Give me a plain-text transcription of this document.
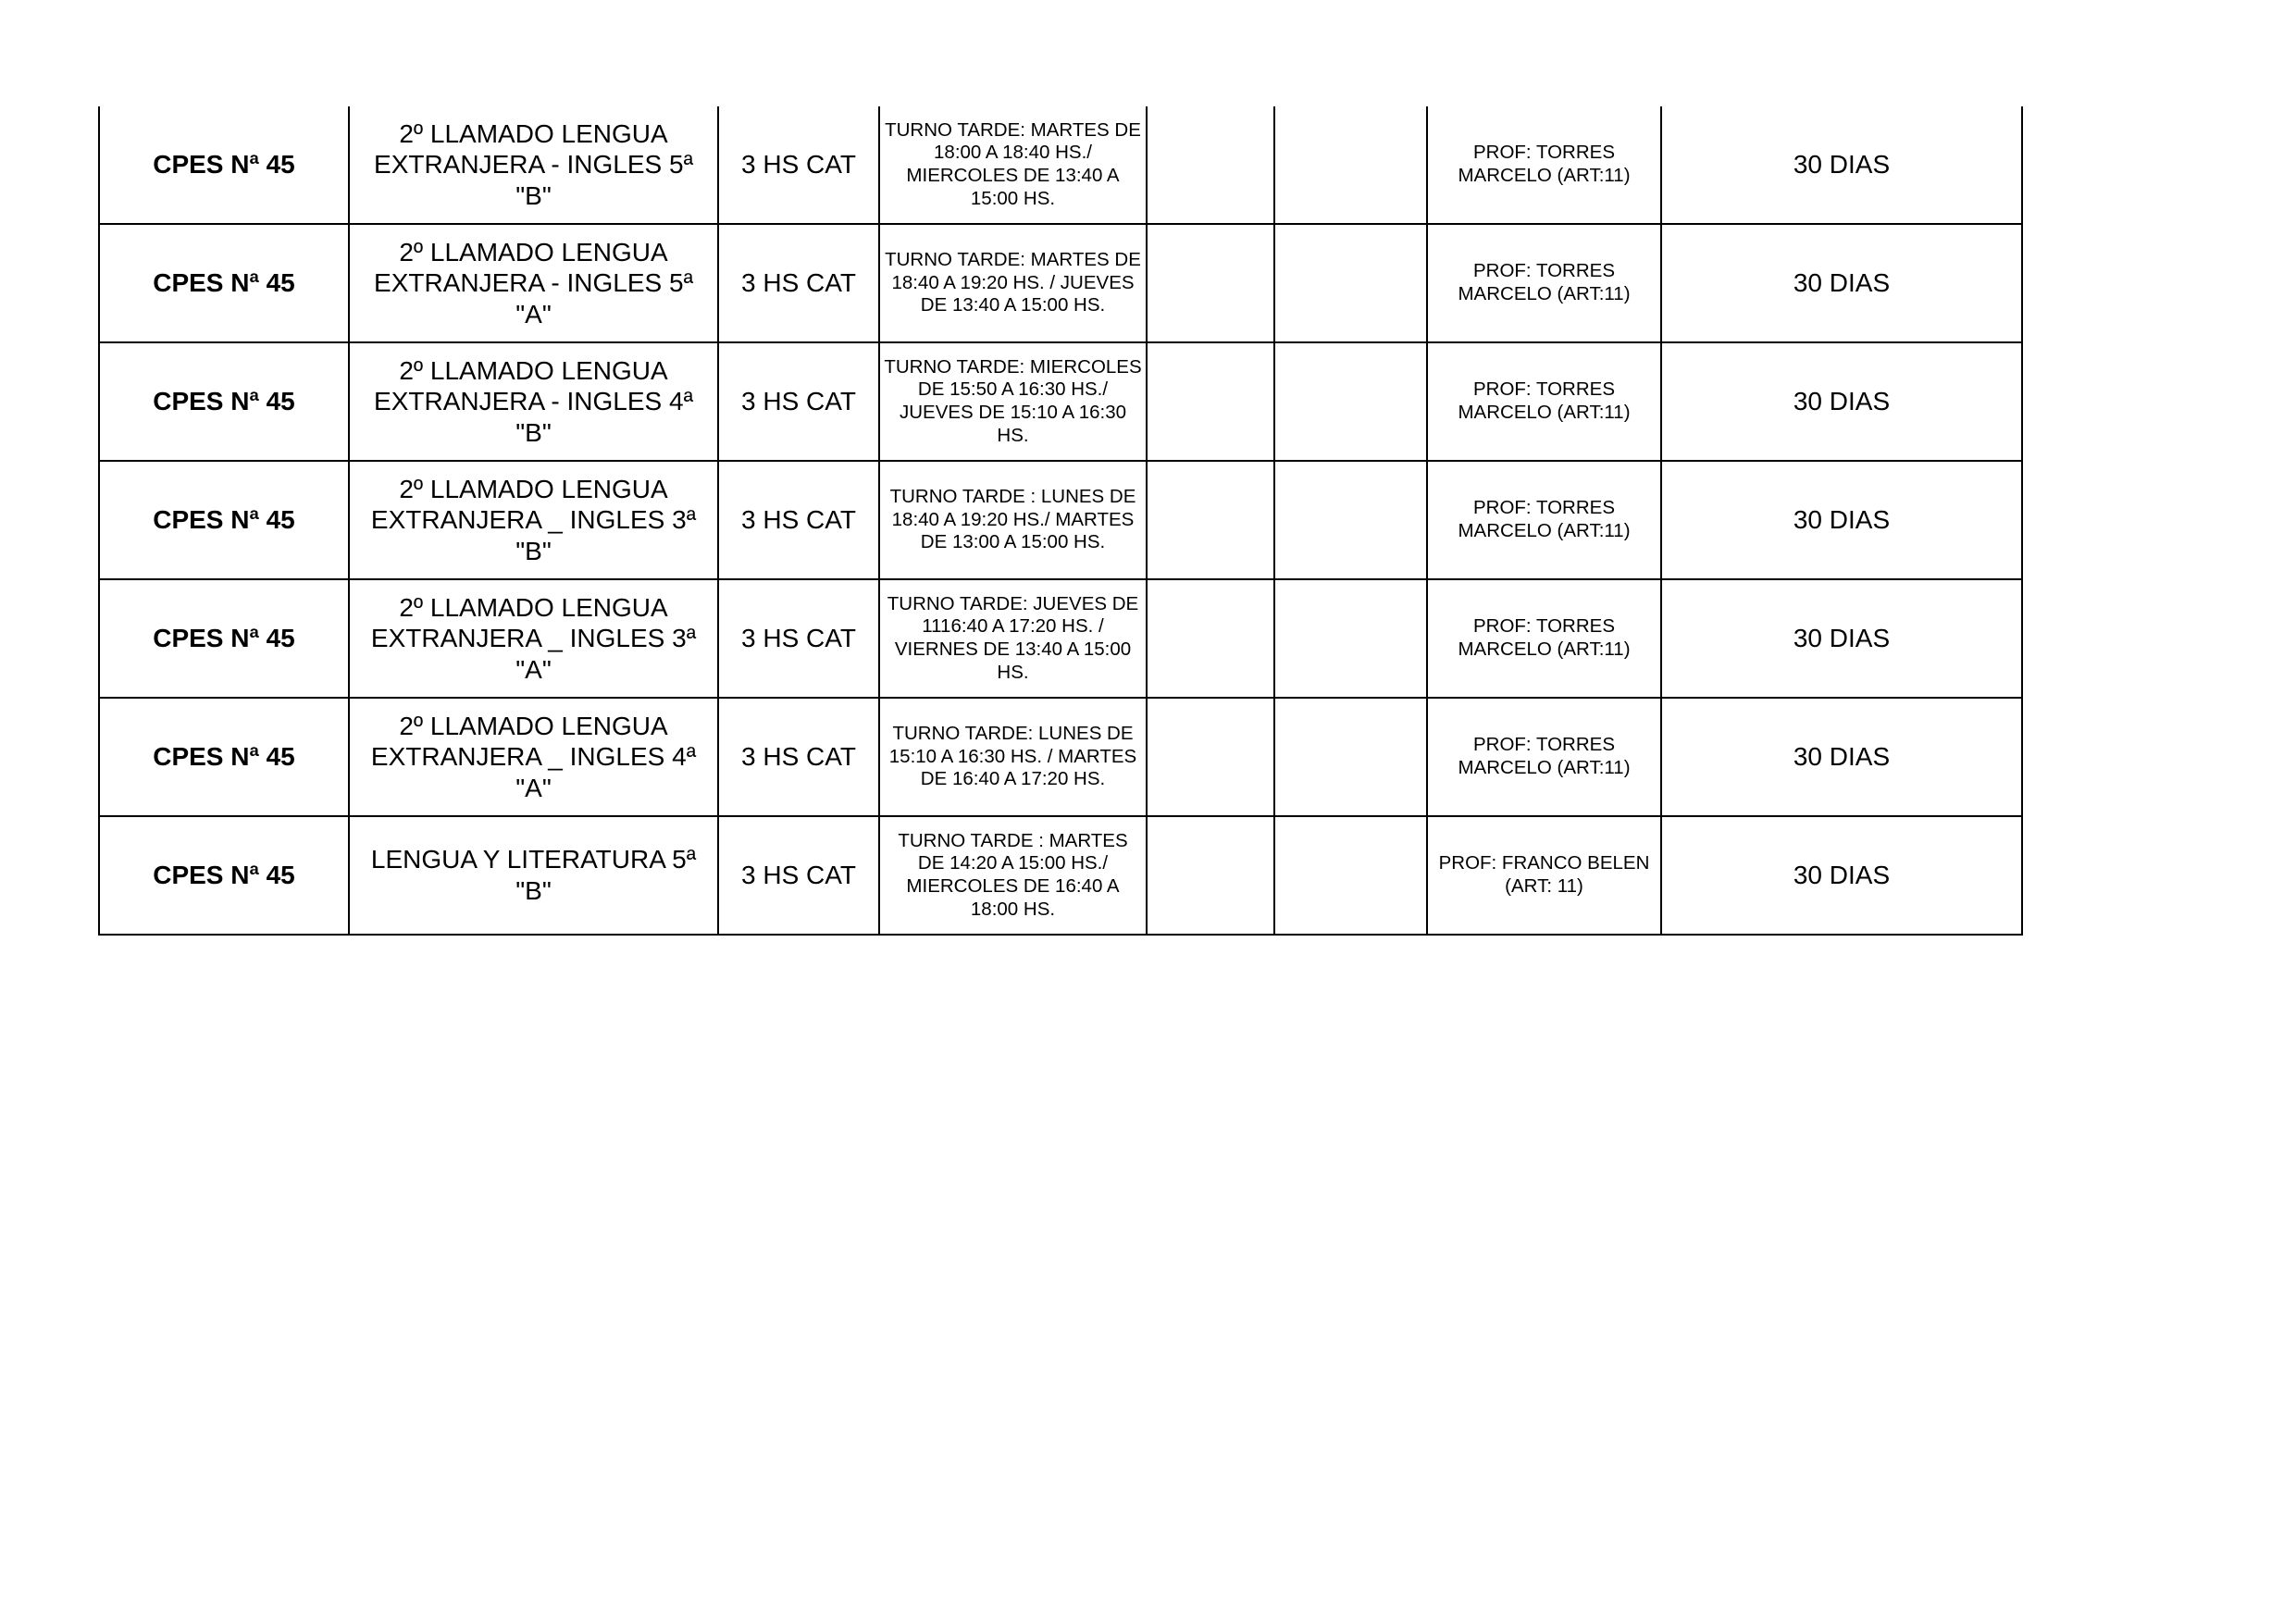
CPES Nª 45	2º LLAMADO LENGUA EXTRANJERA - INGLES 5ª "B"	3 HS CAT	TURNO TARDE: MARTES DE 18:00 A 18:40 HS./ MIERCOLES DE 13:40 A 15:00 HS.			PROF: TORRES MARCELO (ART:11)	30 DIAS
CPES Nª 45	2º LLAMADO LENGUA EXTRANJERA - INGLES 5ª "A"	3 HS CAT	TURNO TARDE: MARTES DE 18:40 A 19:20 HS. / JUEVES DE 13:40 A 15:00 HS.			PROF: TORRES MARCELO (ART:11)	30 DIAS
CPES Nª 45	2º LLAMADO LENGUA EXTRANJERA - INGLES 4ª "B"	3 HS CAT	TURNO TARDE: MIERCOLES DE 15:50 A 16:30 HS./ JUEVES DE 15:10 A 16:30 HS.			PROF: TORRES MARCELO (ART:11)	30 DIAS
CPES Nª 45	2º LLAMADO LENGUA EXTRANJERA _ INGLES 3ª "B"	3 HS CAT	TURNO TARDE : LUNES DE 18:40 A 19:20 HS./ MARTES DE 13:00 A 15:00 HS.			PROF: TORRES MARCELO (ART:11)	30 DIAS
CPES Nª 45	2º LLAMADO LENGUA EXTRANJERA _ INGLES 3ª "A"	3 HS CAT	TURNO TARDE: JUEVES DE 1116:40 A 17:20 HS. / VIERNES DE 13:40 A 15:00 HS.			PROF: TORRES MARCELO (ART:11)	30 DIAS
CPES Nª 45	2º LLAMADO LENGUA EXTRANJERA _ INGLES 4ª "A"	3 HS CAT	TURNO TARDE: LUNES DE 15:10 A 16:30 HS. / MARTES DE 16:40 A 17:20 HS.			PROF: TORRES MARCELO (ART:11)	30 DIAS
CPES Nª 45	LENGUA Y LITERATURA 5ª "B"	3 HS CAT	TURNO TARDE : MARTES DE 14:20 A 15:00 HS./ MIERCOLES DE 16:40 A 18:00 HS.			PROF: FRANCO BELEN (ART: 11)	30 DIAS
